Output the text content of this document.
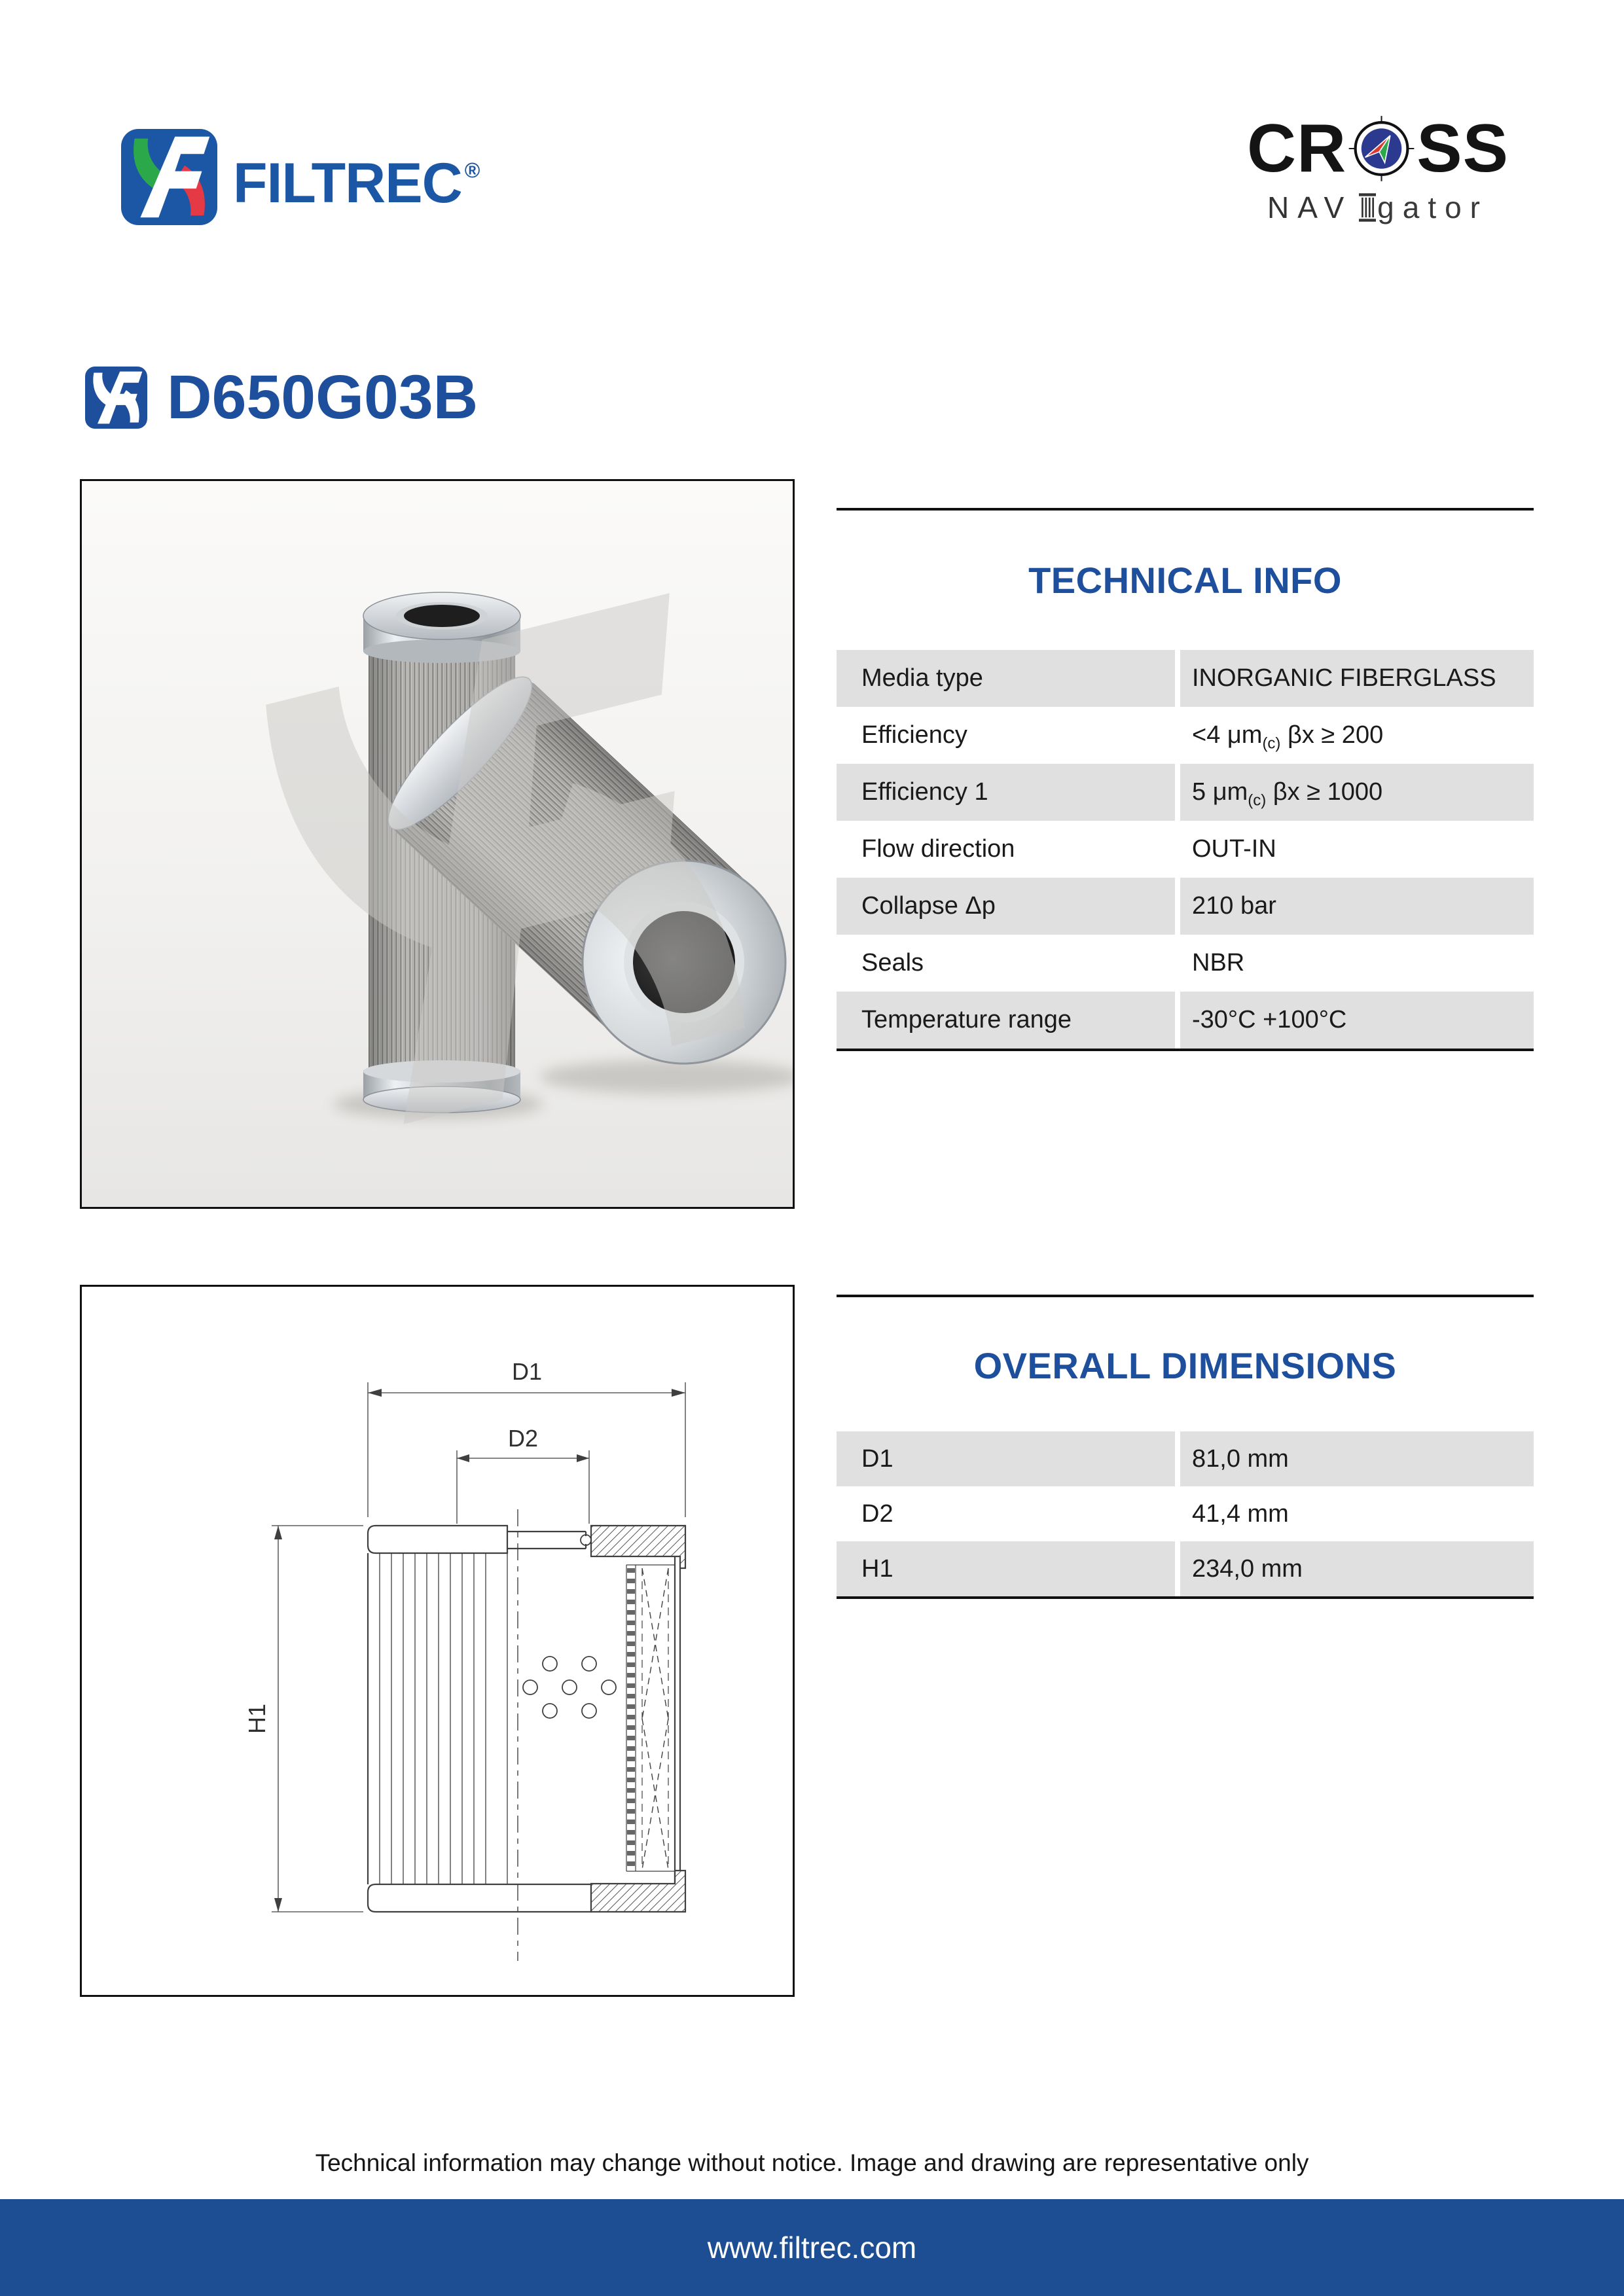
FILTREC ®	CR SS
NAV gator
D650G03B
TECHNICAL INFO
Media type	INORGANIC FIBERGLASS
Efficiency	<4 $\mu m_{(c)}$ βx ≥ 200
Efficiency 1	5 $\mu m_{(c)}$ βx ≥ 1000
Flow direction	OUT-IN
Collapse Δp	210 bar
Seals	NBR
Temperature range	-30°C +100°C
D1
D2
H1
OVERALL DIMENSIONS
D1	81,0 mm
D2	41,4 mm
H1	234,0 mm
Technical information may change without notice. Image and drawing are representative only
www.filtrec.com
